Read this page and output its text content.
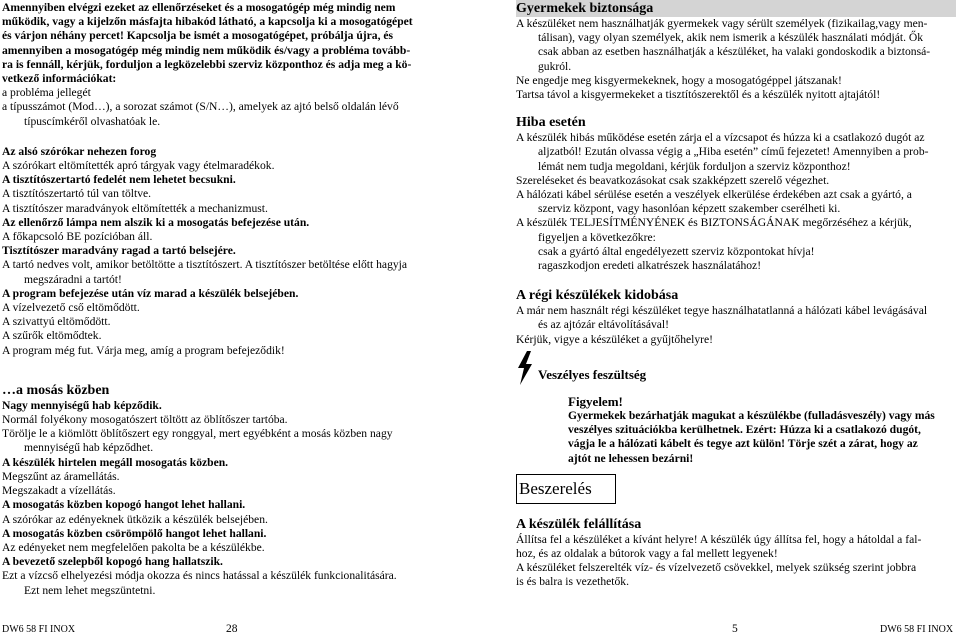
Amennyiben elvégzi ezeket az ellenőrzéseket és a mosogatógép még mindig nem

működik, vagy a kijelzőn másfajta hibakód látható, a kapcsolja ki a mosogatógépet

és várjon néhány percet! Kapcsolja be ismét a mosogatógépet, próbálja újra, és

amennyiben a mosogatógép még mindig nem működik és/vagy a probléma tovább-

ra is fennáll, kérjük, forduljon a legközelebbi szerviz központhoz és adja meg a kö-

vetkező információkat:

a probléma jellegét

a típusszámot (Mod…), a sorozat számot (S/N…), amelyek az ajtó belső oldalán lévő

típuscímkéről olvashatóak le.

Az alsó szórókar nehezen forog

A szórókart eltömítették apró tárgyak vagy ételmaradékok.

A tisztítószertartó fedelét nem lehetet becsukni.

A tisztítószertartó túl van töltve.

A tisztítószer maradványok eltömítették a mechanizmust.

Az ellenőrző lámpa nem alszik ki a mosogatás befejezése után.

A főkapcsoló BE pozícióban áll.

Tisztítószer maradvány ragad a tartó belsejére.

A tartó nedves volt, amikor betöltötte a tisztítószert. A tisztítószer betöltése előtt hagyja

megszáradni a tartót!

A program befejezése után víz marad a készülék belsejében.

A vízelvezető cső eltömődött.

A szivattyú eltömődött.

A szűrők eltömődtek.

A program még fut. Várja meg, amíg a program befejeződik!

…a mosás közben

Nagy mennyiségű hab képződik.

Normál folyékony mosogatószert töltött az öblítőszer tartóba.

Törölje le a kiömlött öblítőszert egy ronggyal, mert egyébként a mosás közben nagy

mennyiségű hab képződhet.

A készülék hirtelen megáll mosogatás közben.

Megszűnt az áramellátás.

Megszakadt a vízellátás.

A mosogatás közben kopogó hangot lehet hallani.

A szórókar az edényeknek ütközik a készülék belsejében.

A mosogatás közben csörömpölő hangot lehet hallani.

Az edényeket nem megfelelően pakolta be a készülékbe.

A bevezető szelepből kopogó hang hallatszik.

Ezt a vízcső elhelyezési módja okozza és nincs hatással a készülék funkcionalitására.

Ezt nem lehet megszüntetni.

Gyermekek biztonsága

A készüléket nem használhatják gyermekek vagy sérült személyek (fizikailag,vagy men-

tálisan), vagy olyan személyek, akik nem ismerik a készülék használati módját. Ők

csak abban az esetben használhatják a készüléket, ha valaki gondoskodik a biztonsá-

gukról.

Ne engedje meg kisgyermekeknek, hogy a mosogatógéppel játszanak!

Tartsa távol a kisgyermekeket a tisztítószerektől és a készülék nyitott ajtajától!

Hiba esetén

A készülék hibás működése esetén zárja el a vízcsapot és húzza ki a csatlakozó dugót az

aljzatból! Ezután olvassa végig a „Hiba esetén” című fejezetet! Amennyiben a prob-

lémát nem tudja megoldani, kérjük forduljon a szerviz központhoz!

Szereléseket és beavatkozásokat csak szakképzett szerelő végezhet.

A hálózati kábel sérülése esetén a veszélyek elkerülése érdekében azt csak a gyártó, a

szerviz központ, vagy hasonlóan képzett szakember cserélheti ki.

A készülék TELJESÍTMÉNYÉNEK és BIZTONSÁGÁNAK megőrzéséhez a kérjük,

figyeljen a következőkre:

csak a gyártó által engedélyezett szerviz központokat hívja!

ragaszkodjon eredeti alkatrészek használatához!

A régi készülékek kidobása

A már nem használt régi készüléket tegye használhatatlanná a hálózati kábel levágásával

és az ajtózár eltávolításával!

Kérjük, vigye a készüléket a gyűjtőhelyre!

Veszélyes feszültség

Figyelem!

Gyermekek bezárhatják magukat a készülékbe (fulladásveszély) vagy más

veszélyes szituációkba kerülhetnek. Ezért: Húzza ki a csatlakozó dugót,

vágja le a hálózati kábelt és tegye azt külön! Törje szét a zárat, hogy az

ajtót ne lehessen bezárni!

Beszerelés

A készülék felállítása

Állítsa fel a készüléket a kívánt helyre! A készülék úgy állítsa fel, hogy a hátoldal a fal-

hoz, és az oldalak a bútorok vagy a fal mellett legyenek!

A készüléket felszerelték víz- és vízelvezető csövekkel, melyek szükség szerint jobbra

is és balra is vezethetők.

DW6 58 FI INOX	28	5	DW6 58 FI INOX
